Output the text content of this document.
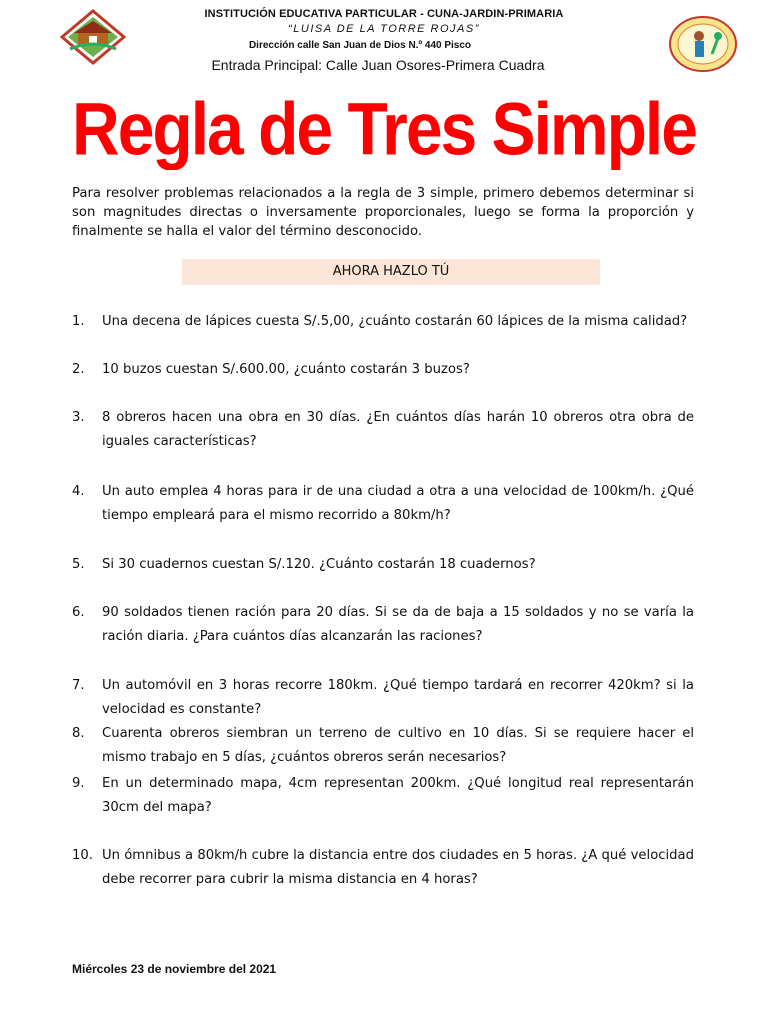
INSTITUCIÓN EDUCATIVA PARTICULAR - CUNA-JARDIN-PRIMARIA
“LUISA DE LA TORRE ROJAS”
Dirección calle San Juan de Dios N.º 440 Pisco
Entrada Principal: Calle Juan Osores-Primera Cuadra
Regla de Tres Simple
Para resolver problemas relacionados a la regla de 3 simple, primero debemos determinar si son magnitudes directas o inversamente proporcionales, luego se forma la proporción y finalmente se halla el valor del término desconocido.
AHORA HAZLO TÚ
1.	Una decena de lápices cuesta S/.5,00, ¿cuánto costarán 60 lápices de la misma calidad?
2.	10 buzos cuestan S/.600.00, ¿cuánto costarán 3 buzos?
3.	8 obreros hacen una obra en 30 días. ¿En cuántos días harán 10 obreros otra obra de iguales características?
4.	Un auto emplea 4 horas para ir de una ciudad a otra a una velocidad de 100km/h. ¿Qué tiempo empleará para el mismo recorrido a 80km/h?
5.	Si 30 cuadernos cuestan S/.120. ¿Cuánto costarán 18 cuadernos?
6.	90 soldados tienen ración para 20 días. Si se da de baja a 15 soldados y no se varía la ración diaria. ¿Para cuántos días alcanzarán las raciones?
7.	Un automóvil en 3 horas recorre 180km. ¿Qué tiempo tardará en recorrer 420km? si la velocidad es constante?
8.	Cuarenta obreros siembran un terreno de cultivo en 10 días. Si se requiere hacer el mismo trabajo en 5 días, ¿cuántos obreros serán necesarios?
9.	En un determinado mapa, 4cm representan 200km. ¿Qué longitud real representarán 30cm del mapa?
10. Un ómnibus a 80km/h cubre la distancia entre dos ciudades en 5 horas. ¿A qué velocidad debe recorrer para cubrir la misma distancia en 4 horas?
Miércoles 23 de noviembre del 2021
